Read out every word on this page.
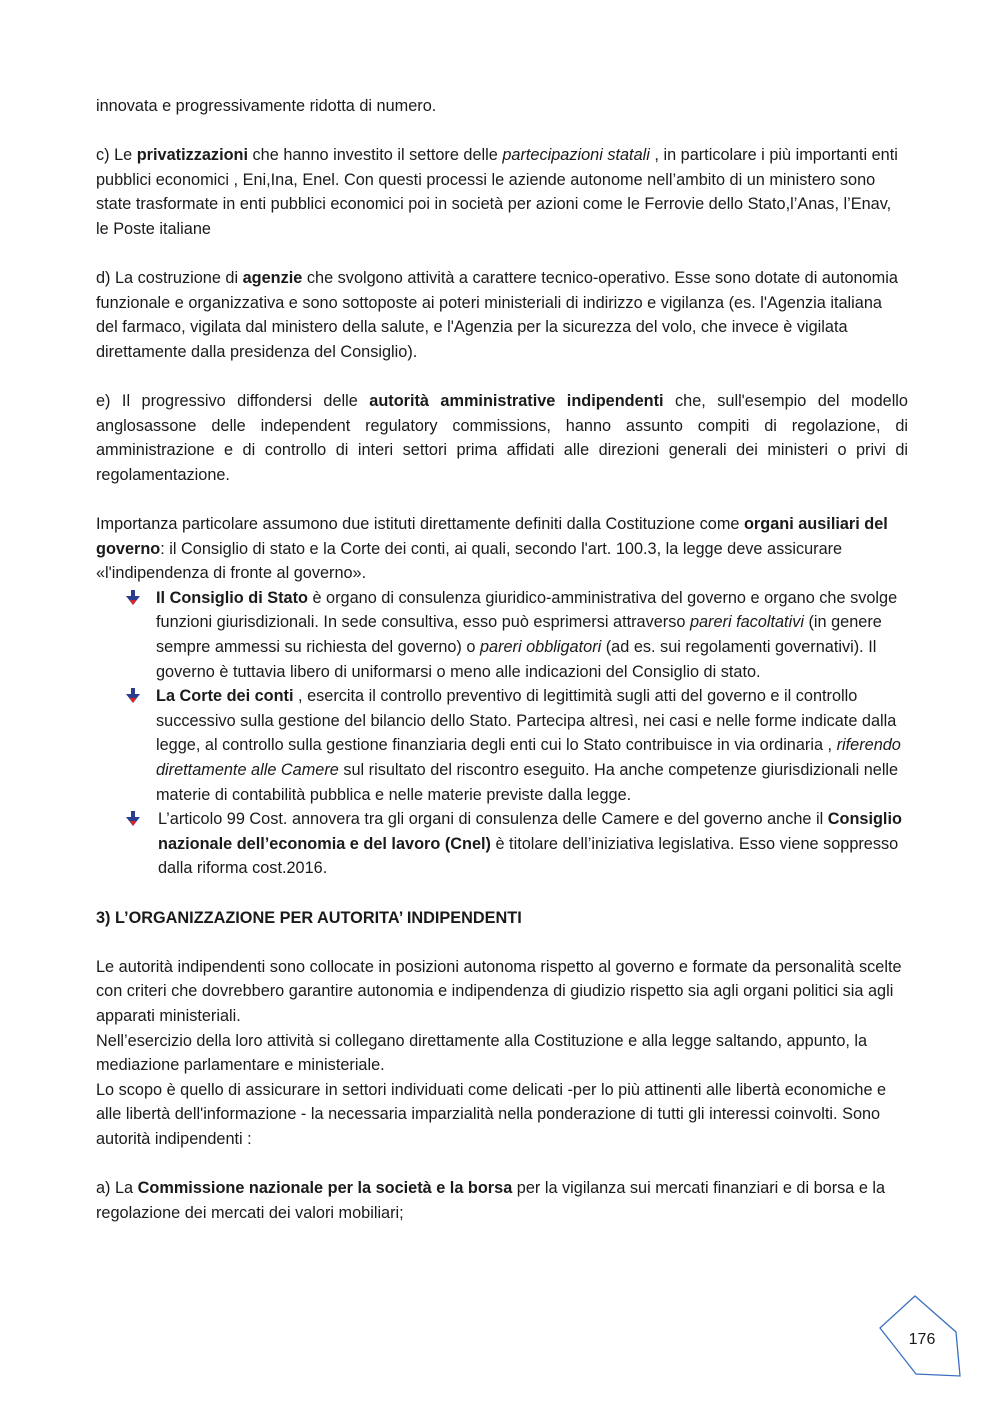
innovata e progressivamente ridotta di numero.

c) Le privatizzazioni che hanno investito il settore delle partecipazioni statali , in particolare i più importanti enti pubblici economici , Eni,Ina, Enel. Con questi processi le aziende autonome nell’ambito di un ministero sono state trasformate in enti pubblici economici poi in società per azioni come le Ferrovie dello Stato,l’Anas, l’Enav, le Poste italiane

d) La costruzione di agenzie che svolgono attività a carattere tecnico-operativo. Esse sono dotate di autonomia funzionale e organizzativa e sono sottoposte ai poteri ministeriali di indirizzo e vigilanza (es. l'Agenzia italiana del farmaco, vigilata dal ministero della salute, e l'Agenzia per la sicurezza del volo, che invece è vigilata direttamente dalla presidenza del Consiglio).

e) Il progressivo diffondersi delle autorità amministrative indipendenti che, sull'esempio del modello anglosassone delle independent regulatory commissions, hanno assunto compiti di regolazione, di amministrazione e di controllo di interi settori prima affidati alle direzioni generali dei ministeri o privi di regolamentazione.

Importanza particolare assumono due istituti direttamente definiti dalla Costituzione come organi ausiliari del governo: il Consiglio di stato e la Corte dei conti, ai quali, secondo l'art. 100.3, la legge deve assicurare «l'indipendenza di fronte al governo».

Il Consiglio di Stato è organo di consulenza giuridico-amministrativa del governo e organo che svolge funzioni giurisdizionali. In sede consultiva, esso può esprimersi attraverso pareri facoltativi (in genere sempre ammessi su richiesta del governo) o pareri obbligatori (ad es. sui regolamenti governativi). Il governo è tuttavia libero di uniformarsi o meno alle indicazioni del Consiglio di stato.
La Corte dei conti , esercita il controllo preventivo di legittimità sugli atti del governo e il controllo successivo sulla gestione del bilancio dello Stato. Partecipa altresì, nei casi e nelle forme indicate dalla legge, al controllo sulla gestione finanziaria degli enti cui lo Stato contribuisce in via ordinaria , riferendo direttamente alle Camere sul risultato del riscontro eseguito. Ha anche competenze giurisdizionali nelle materie di contabilità pubblica e nelle materie previste dalla legge.
L’articolo 99 Cost. annovera tra gli organi di consulenza delle Camere e del governo anche il Consiglio nazionale dell’economia e del lavoro (Cnel) è titolare dell’iniziativa legislativa. Esso viene soppresso dalla riforma cost.2016.

3) L’ORGANIZZAZIONE PER AUTORITA’ INDIPENDENTI

Le autorità indipendenti sono collocate in posizioni autonoma rispetto al governo e formate da personalità scelte con criteri che dovrebbero garantire autonomia e indipendenza di giudizio rispetto sia agli organi politici sia agli apparati ministeriali.

Nell’esercizio della loro attività si collegano direttamente alla Costituzione e alla legge saltando, appunto, la mediazione parlamentare e ministeriale.

Lo scopo è quello di assicurare in settori individuati come delicati -per lo più attinenti alle libertà economiche e alle libertà dell'informazione - la necessaria imparzialità nella ponderazione di tutti gli interessi coinvolti. Sono autorità indipendenti :

a) La Commissione nazionale per la società e la borsa per la vigilanza sui mercati finanziari e di borsa e la regolazione dei mercati dei valori mobiliari;

176
